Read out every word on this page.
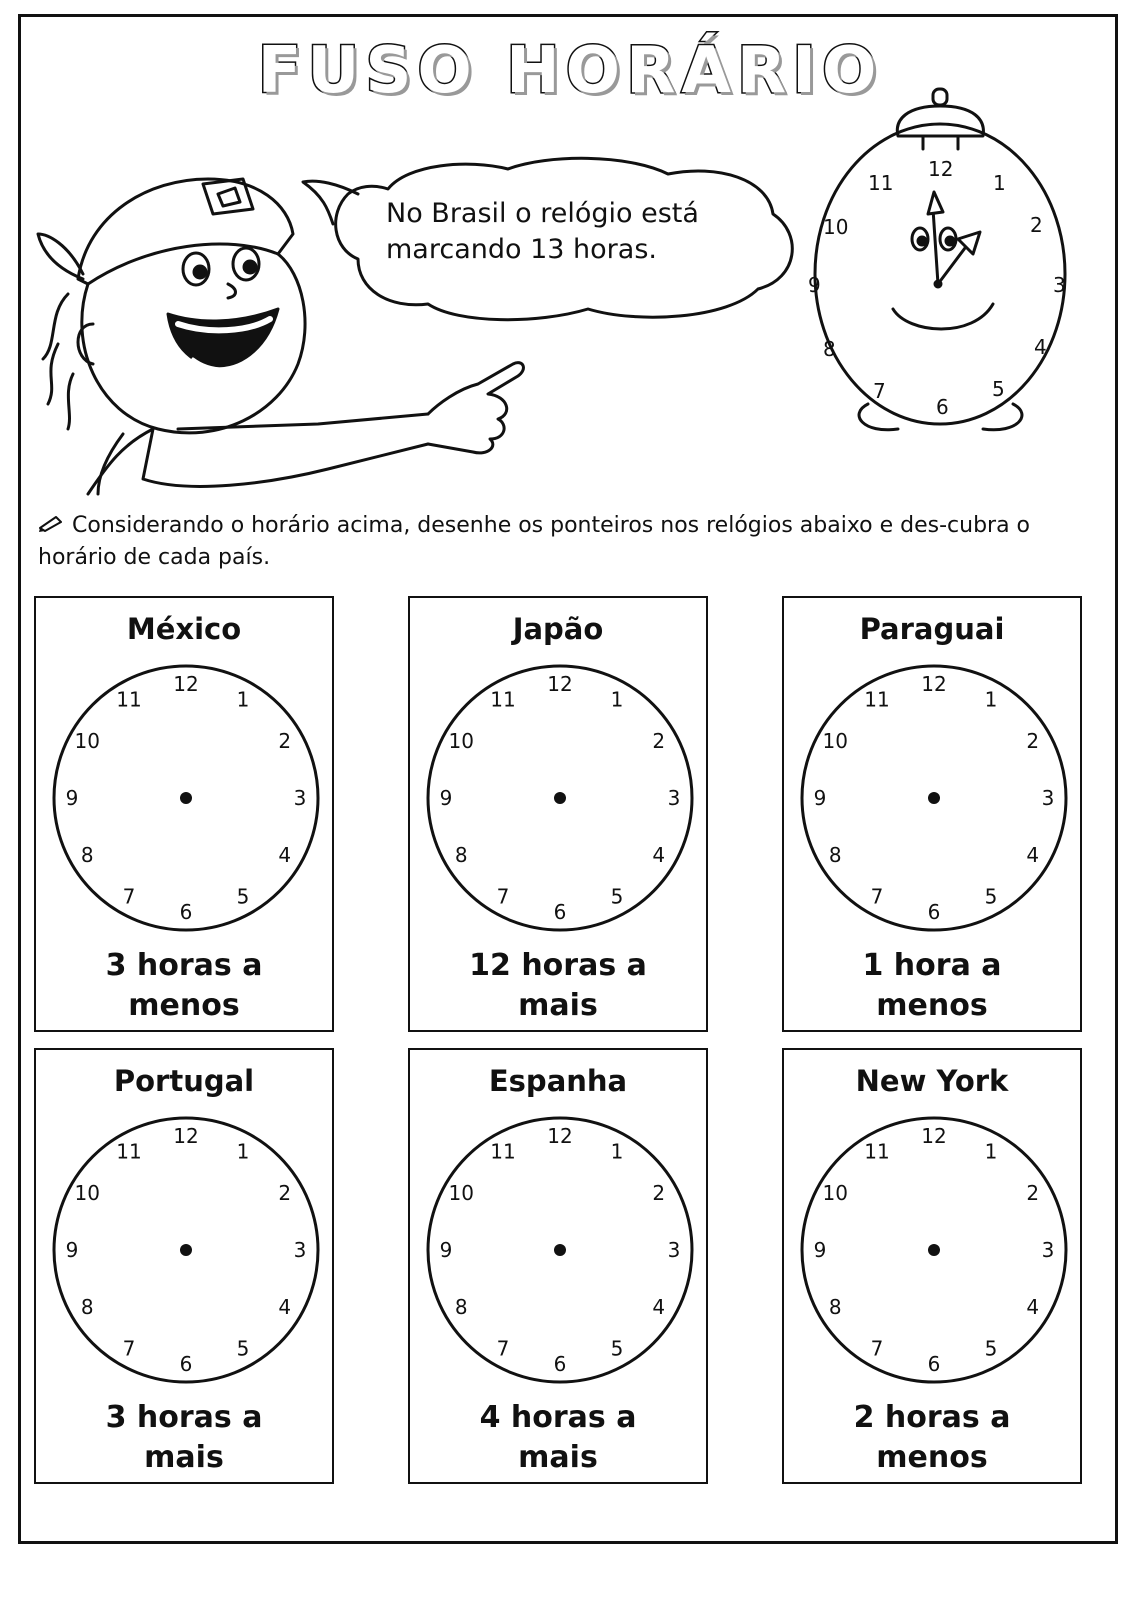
FUSO HORÁRIO
12
1
2
3
4
5
6
7
8
9
10
11
No Brasil o relógio está
marcando 13 horas.
Considerando o horário acima, desenhe os ponteiros nos relógios abaixo e des-cubra o horário de cada país.
México
12
1
2
3
4
5
6
7
8
9
10
11
3 horas a
menos
Japão
12
1
2
3
4
5
6
7
8
9
10
11
12 horas a
mais
Paraguai
12
1
2
3
4
5
6
7
8
9
10
11
1 hora a
menos
Portugal
12
1
2
3
4
5
6
7
8
9
10
11
3 horas a
mais
Espanha
12
1
2
3
4
5
6
7
8
9
10
11
4 horas a
mais
New York
12
1
2
3
4
5
6
7
8
9
10
11
2 horas a
menos
